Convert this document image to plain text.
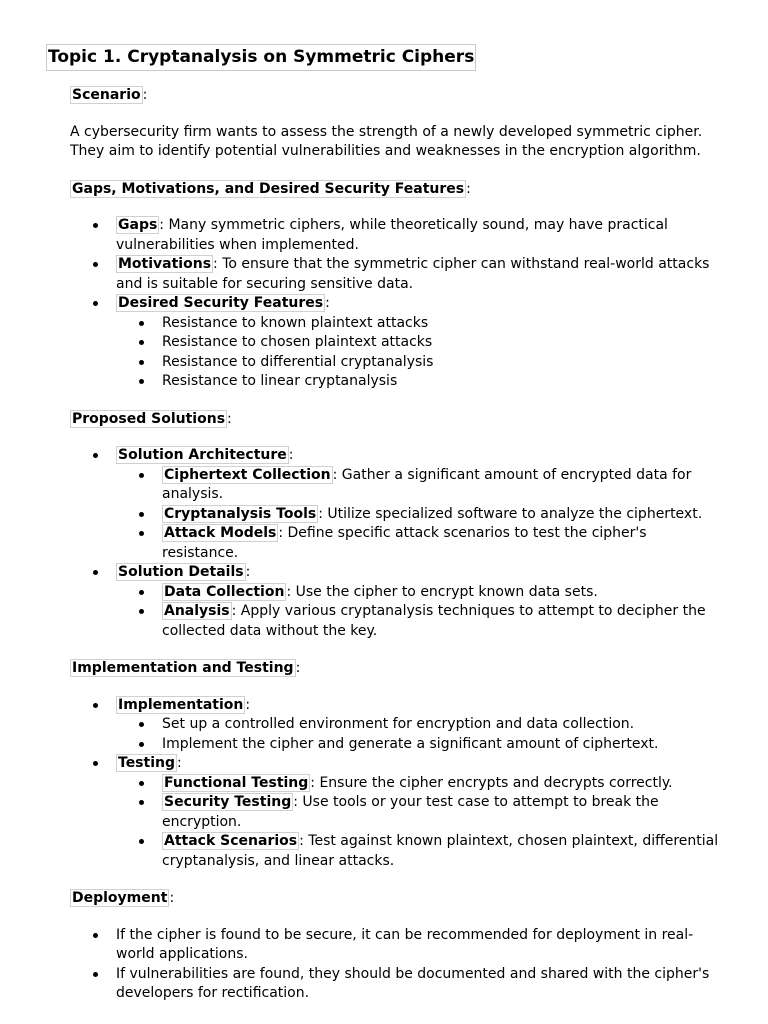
Topic 1. Cryptanalysis on Symmetric Ciphers

Scenario :

A cybersecurity firm wants to assess the strength of a newly developed symmetric cipher. They aim to identify potential vulnerabilities and weaknesses in the encryption algorithm.

Gaps, Motivations, and Desired Security Features :

Gaps : Many symmetric ciphers, while theoretically sound, may have practical vulnerabilities when implemented.
Motivations : To ensure that the symmetric cipher can withstand real-world attacks and is suitable for securing sensitive data.
Desired Security Features :
Resistance to known plaintext attacks
Resistance to chosen plaintext attacks
Resistance to differential cryptanalysis
Resistance to linear cryptanalysis

Proposed Solutions :

Solution Architecture :
Ciphertext Collection : Gather a significant amount of encrypted data for analysis.
Cryptanalysis Tools : Utilize specialized software to analyze the ciphertext.
Attack Models : Define specific attack scenarios to test the cipher's resistance.
Solution Details :
Data Collection : Use the cipher to encrypt known data sets.
Analysis : Apply various cryptanalysis techniques to attempt to decipher the collected data without the key.

Implementation and Testing :

Implementation :
Set up a controlled environment for encryption and data collection.
Implement the cipher and generate a significant amount of ciphertext.
Testing :
Functional Testing : Ensure the cipher encrypts and decrypts correctly.
Security Testing : Use tools or your test case to attempt to break the encryption.
Attack Scenarios : Test against known plaintext, chosen plaintext, differential cryptanalysis, and linear attacks.

Deployment :

If the cipher is found to be secure, it can be recommended for deployment in real-world applications.
If vulnerabilities are found, they should be documented and shared with the cipher's developers for rectification.
